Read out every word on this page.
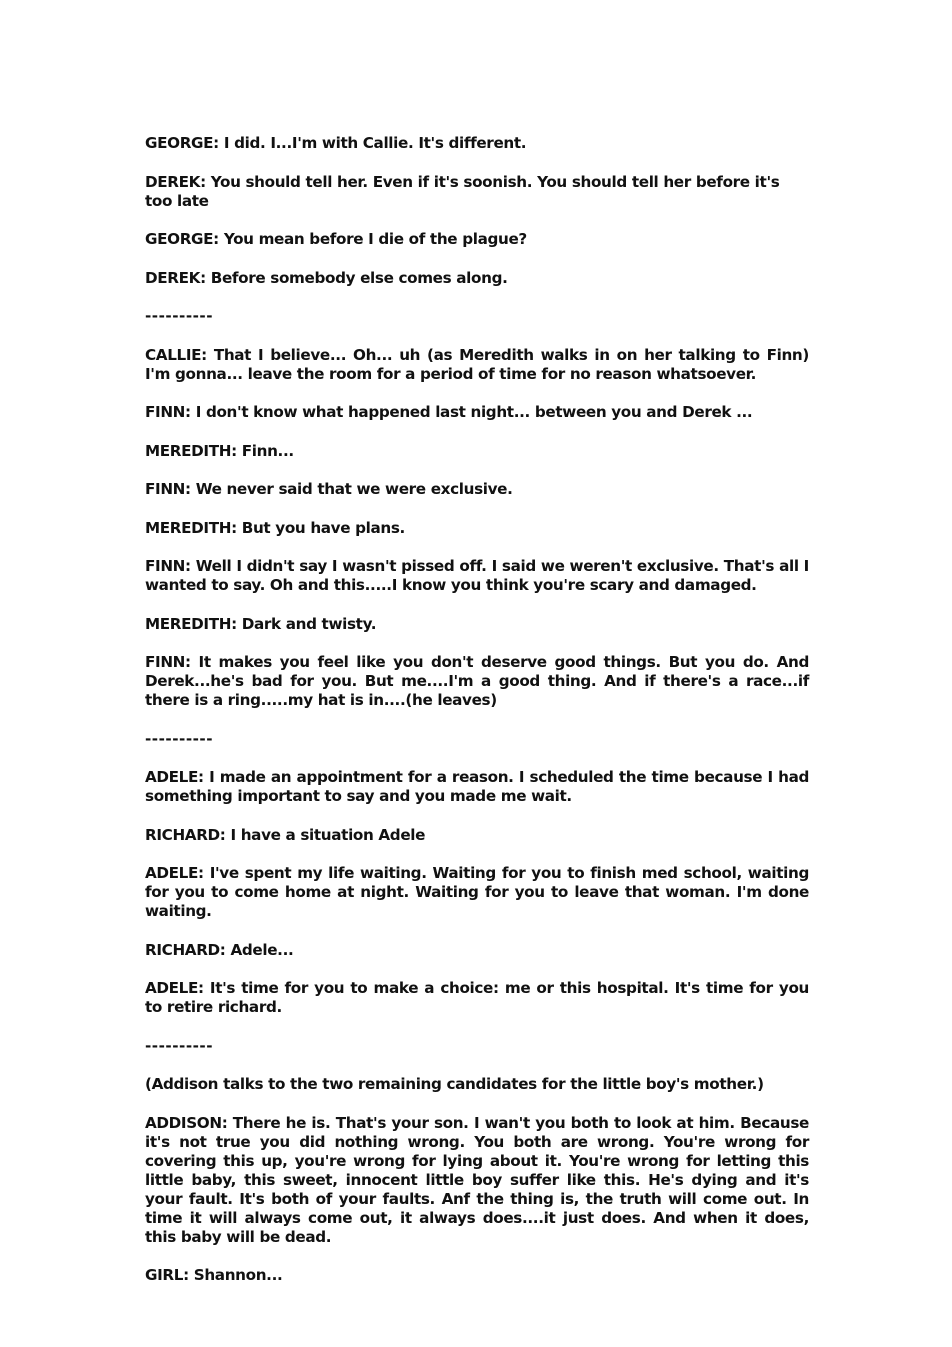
GEORGE: I did. I...I'm with Callie. It's different.

DEREK: You should tell her. Even if it's soonish. You should tell her before it's too late

GEORGE: You mean before I die of the plague?

DEREK: Before somebody else comes along.

----------

CALLIE: That I believe... Oh... uh (as Meredith walks in on her talking to Finn) I'm gonna... leave the room for a period of time for no reason whatsoever.

FINN: I don't know what happened last night... between you and Derek ...

MEREDITH: Finn...

FINN: We never said that we were exclusive.

MEREDITH: But you have plans.

FINN: Well I didn't say I wasn't pissed off. I said we weren't exclusive. That's all I wanted to say. Oh and this.....I know you think you're scary and damaged.

MEREDITH: Dark and twisty.

FINN: It makes you feel like you don't deserve good things. But you do. And Derek...he's bad for you. But me....I'm a good thing. And if there's a race...if there is a ring.....my hat is in....(he leaves)

----------

ADELE: I made an appointment for a reason. I scheduled the time because I had something important to say and you made me wait.

RICHARD: I have a situation Adele

ADELE: I've spent my life waiting. Waiting for you to finish med school, waiting for you to come home at night. Waiting for you to leave that woman. I'm done waiting.

RICHARD: Adele...

ADELE: It's time for you to make a choice: me or this hospital. It's time for you to retire richard.

----------

(Addison talks to the two remaining candidates for the little boy's mother.)

ADDISON: There he is. That's your son. I wan't you both to look at him. Because it's not true you did nothing wrong. You both are wrong. You're wrong for covering this up, you're wrong for lying about it. You're wrong for letting this little baby, this sweet, innocent little boy suffer like this. He's dying and it's your fault. It's both of your faults. Anf the thing is, the truth will come out. In time it will always come out, it always does....it just does. And when it does, this baby will be dead.

GIRL: Shannon...
